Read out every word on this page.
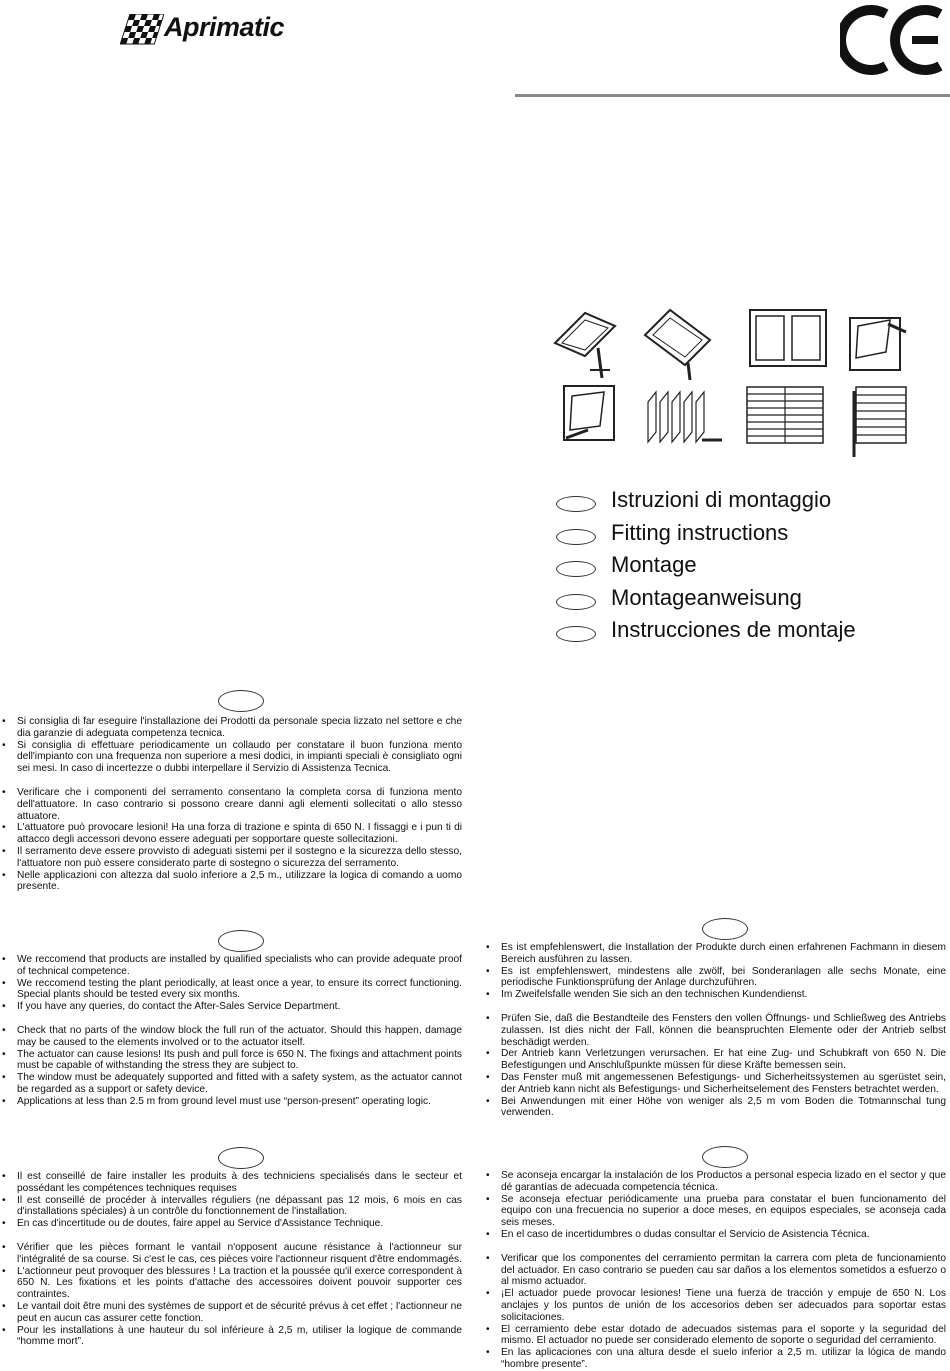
Aprimatic
Istruzioni di montaggio
Fitting instructions
Montage
Montageanweisung
Instrucciones de montaje
• Si consiglia di far eseguire l'installazione dei Prodotti da personale specia lizzato nel settore e che dia garanzie di adeguata competenza tecnica.
• Si consiglia di effettuare periodicamente un collaudo per constatare il buon funziona mento dell'impianto con una frequenza non superiore a mesi dodici, in impianti speciali è consigliato ogni sei mesi. In caso di incertezze o dubbi interpellare il Servizio di Assistenza Tecnica.
• Verificare che i componenti del serramento consentano la completa corsa di funziona mento dell'attuatore. In caso contrario si possono creare danni agli elementi sollecitati o allo stesso attuatore.
• L'attuatore può provocare lesioni! Ha una forza di trazione e spinta di 650 N. I fissaggi e i pun ti di attacco degli accessori devono essere adeguati per sopportare queste sollecitazioni.
• Il serramento deve essere provvisto di adeguati sistemi per il sostegno e la sicurezza dello stesso, l'attuatore non può essere considerato parte di sostegno o sicurezza del serramento.
• Nelle applicazioni con altezza dal suolo inferiore a 2,5 m., utilizzare la logica di comando a uomo presente.
• We reccomend that products are installed by qualified specialists who can provide adequate proof of technical competence.
• We reccomend testing the plant periodically, at least once a year, to ensure its correct functioning. Special plants should be tested every six months.
• If you have any queries, do contact the After-Sales Service Department.
• Check that no parts of the window block the full run of the actuator. Should this happen, damage may be caused to the elements involved or to the actuator itself.
• The actuator can cause lesions! Its push and pull force is 650 N. The fixings and attachment points must be capable of withstanding the stress they are subject to.
• The window must be adequately supported and fitted with a safety system, as the actuator cannot be regarded as a support or safety device.
• Applications at less than 2.5 m from ground level must use “person-present” operating logic.
• Il est conseillé de faire installer les produits à des techniciens specialisés dans le secteur et possédant les compétences techniques requises
• Il est conseillé de procéder à intervalles réguliers (ne dépassant pas 12 mois, 6 mois en cas d'installations spéciales) à un contrôle du fonctionnement de l'installation.
• En cas d'incertitude ou de doutes, faire appel au Service d'Assistance Technique.
• Vérifier que les pièces formant le vantail n'opposent aucune résistance à l'actionneur sur l'intégralité de sa course. Si c'est le cas, ces pièces voire l'actionneur risquent d'être endommagés.
• L'actionneur peut provoquer des blessures ! La traction et la poussée qu'il exerce correspondent à 650 N. Les fixations et les points d'attache des accessoires doivent pouvoir supporter ces contraintes.
• Le vantail doit être muni des systèmes de support et de sécurité prévus à cet effet ; l'actionneur ne peut en aucun cas assurer cette fonction.
• Pour les installations à une hauteur du sol inférieure à 2,5 m, utiliser la logique de commande “homme mort”.
• Es ist empfehlenswert, die Installation der Produkte durch einen erfahrenen Fachmann in diesem Bereich ausführen zu lassen.
• Es ist empfehlenswert, mindestens alle zwölf, bei Sonderanlagen alle sechs Monate, eine periodische Funktionsprüfung der Anlage durchzuführen.
• Im Zweifelsfalle wenden Sie sich an den technischen Kundendienst.
• Prüfen Sie, daß die Bestandteile des Fensters den vollen Öffnungs- und Schließweg des Antriebs zulassen. Ist dies nicht der Fall, können die beanspruchten Elemente oder der Antrieb selbst beschädigt werden.
• Der Antrieb kann Verletzungen verursachen. Er hat eine Zug- und Schubkraft von 650 N. Die Befestigungen und Anschlußpunkte müssen für diese Kräfte bemessen sein.
• Das Fenster muß mit angemessenen Befestigungs- und Sicherheitssystemen au sgerüstet sein, der Antrieb kann nicht als Befestigungs- und Sicherheitselement des Fensters betrachtet werden.
• Bei Anwendungen mit einer Höhe von weniger als 2,5 m vom Boden die Totmannschal tung verwenden.
• Se aconseja encargar la instalación de los Productos a personal especia lizado en el sector y que dé garantías de adecuada competencia técnica.
• Se aconseja efectuar periódicamente una prueba para constatar el buen funcionamento del equipo con una frecuencia no superior a doce meses, en equipos especiales, se aconseja cada seis meses.
• En el caso de incertidumbres o dudas consultar el Servicio de Asistencia Técnica.
• Verificar que los componentes del cerramiento permitan la carrera com pleta de funcionamiento del actuador. En caso contrario se pueden cau sar daños a los elementos sometidos a esfuerzo o al mismo actuador.
• ¡El actuador puede provocar lesiones! Tiene una fuerza de tracción y empuje de 650 N. Los anclajes y los puntos de unión de los accesorios deben ser adecuados para soportar estas solicitaciones.
• El cerramiento debe estar dotado de adecuados sistemas para el soporte y la seguridad del mismo. El actuador no puede ser considerado elemento de soporte o seguridad del cerramiento.
• En las aplicaciones con una altura desde el suelo inferior a 2,5 m. utilizar la lógica de mando “hombre presente”.
